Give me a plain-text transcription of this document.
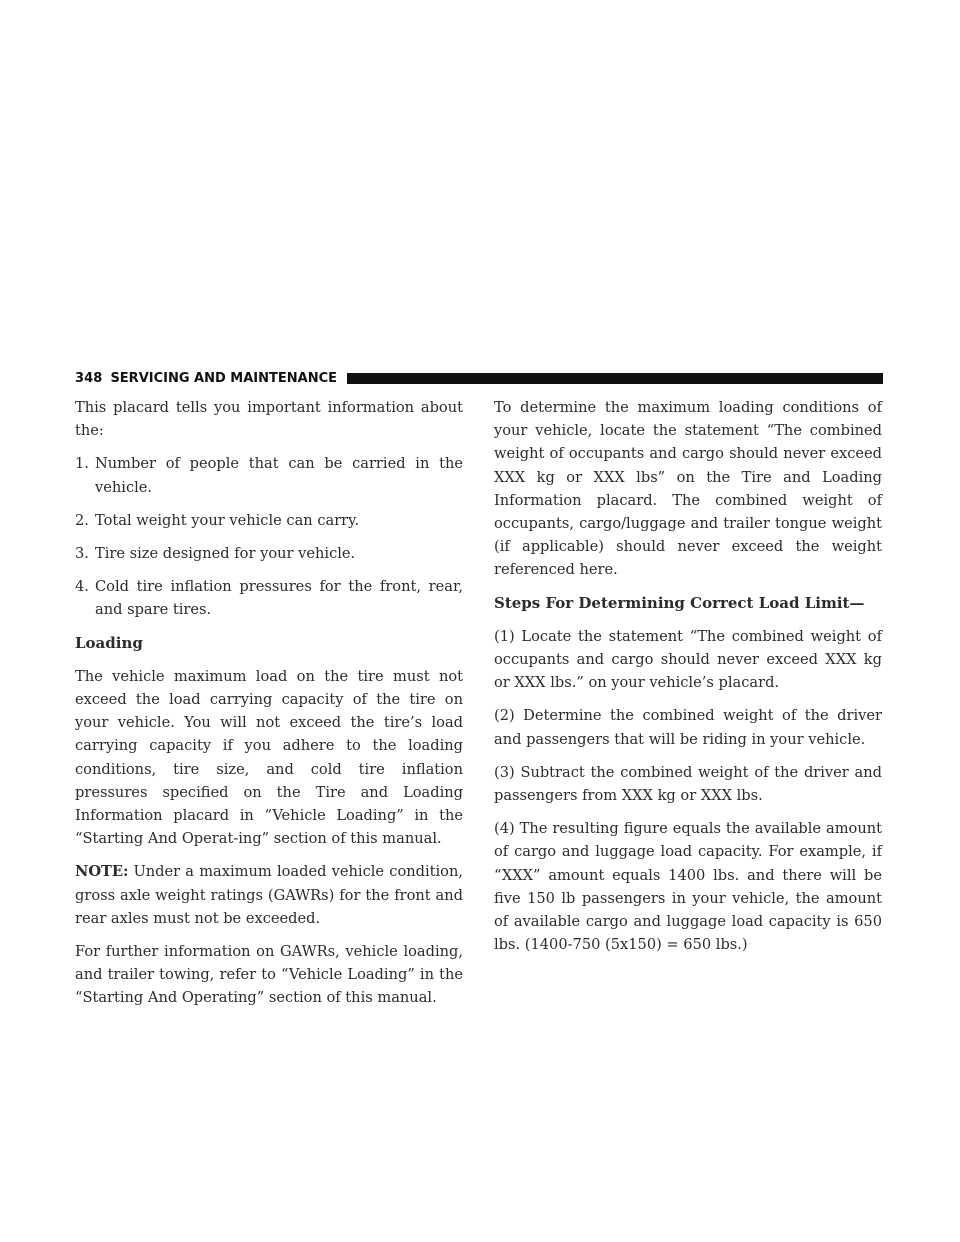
348 SERVICING AND MAINTENANCE

This placard tells you important information about the:

1. Number of people that can be carried in the vehicle.
2. Total weight your vehicle can carry.
3. Tire size designed for your vehicle.
4. Cold tire inflation pressures for the front, rear, and spare tires.
Loading

The vehicle maximum load on the tire must not exceed the load carrying capacity of the tire on your vehicle. You will not exceed the tire’s load carrying capacity if you adhere to the loading conditions, tire size, and cold tire inflation pressures specified on the Tire and Loading Information placard in “Vehicle Loading” in the “Starting And Operat-ing” section of this manual.

NOTE: Under a maximum loaded vehicle condition, gross axle weight ratings (GAWRs) for the front and rear axles must not be exceeded.

For further information on GAWRs, vehicle loading, and trailer towing, refer to “Vehicle Loading” in the “Starting And Operating” section of this manual.

To determine the maximum loading conditions of your vehicle, locate the statement “The combined weight of occupants and cargo should never exceed XXX kg or XXX lbs” on the Tire and Loading Information placard. The combined weight of occupants, cargo/luggage and trailer tongue weight (if applicable) should never exceed the weight referenced here.

Steps For Determining Correct Load Limit—

(1) Locate the statement “The combined weight of occupants and cargo should never exceed XXX kg or XXX lbs.” on your vehicle’s placard.

(2) Determine the combined weight of the driver and passengers that will be riding in your vehicle.

(3) Subtract the combined weight of the driver and passengers from XXX kg or XXX lbs.

(4) The resulting figure equals the available amount of cargo and luggage load capacity. For example, if “XXX” amount equals 1400 lbs. and there will be five 150 lb passengers in your vehicle, the amount of available cargo and luggage load capacity is 650 lbs. (1400-750 (5x150) = 650 lbs.)
